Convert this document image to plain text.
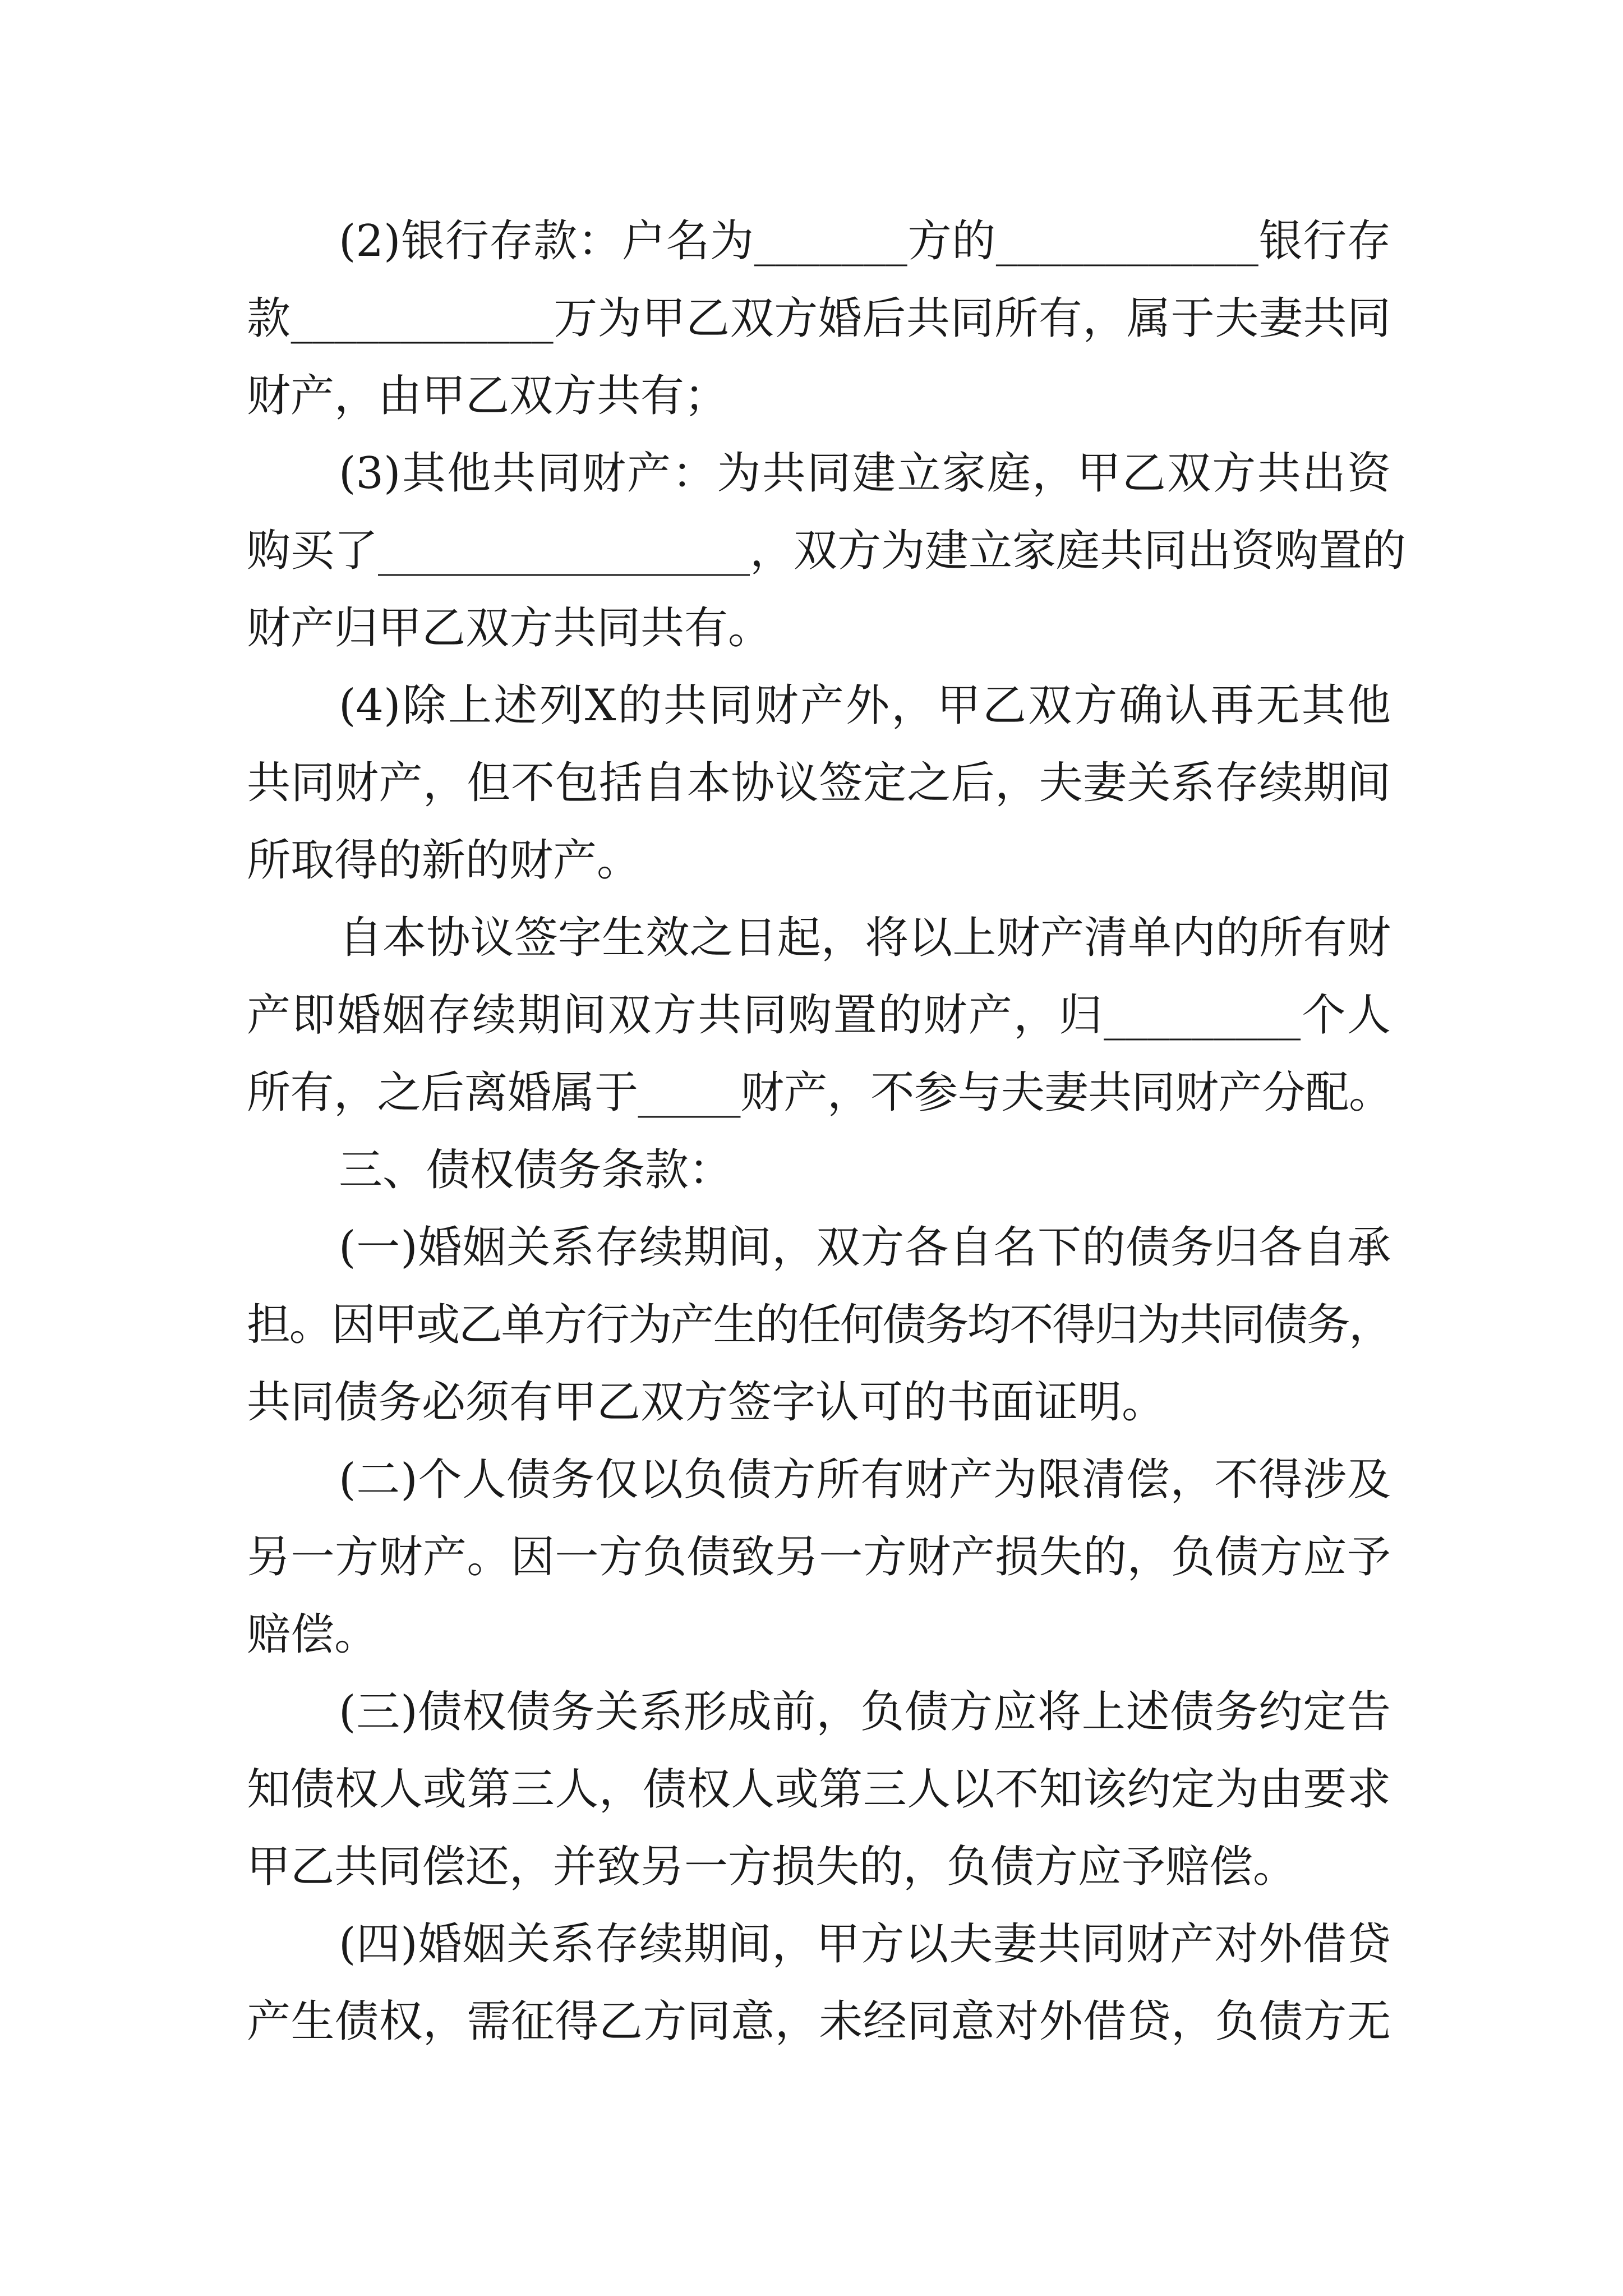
(2)银行存款：户名为_______方的____________银行存
款____________万为甲乙双方婚后共同所有，属于夫妻共同
财产，由甲乙双方共有；
(3)其他共同财产：为共同建立家庭，甲乙双方共出资
购买了_________________，双方为建立家庭共同出资购置的
财产归甲乙双方共同共有。
(4)除上述列X的共同财产外，甲乙双方确认再无其他
共同财产，但不包括自本协议签定之后，夫妻关系存续期间
所取得的新的财产。
自本协议签字生效之日起，将以上财产清单内的所有财
产即婚姻存续期间双方共同购置的财产，归_________个人
所有，之后离婚属于_____财产，不参与夫妻共同财产分配。
三、债权债务条款：
(一)婚姻关系存续期间，双方各自名下的债务归各自承
担。因甲或乙单方行为产生的任何债务均不得归为共同债务，
共同债务必须有甲乙双方签字认可的书面证明。
(二)个人债务仅以负债方所有财产为限清偿，不得涉及
另一方财产。因一方负债致另一方财产损失的，负债方应予
赔偿。
(三)债权债务关系形成前，负债方应将上述债务约定告
知债权人或第三人，债权人或第三人以不知该约定为由要求
甲乙共同偿还，并致另一方损失的，负债方应予赔偿。
(四)婚姻关系存续期间，甲方以夫妻共同财产对外借贷
产生债权，需征得乙方同意，未经同意对外借贷，负债方无
